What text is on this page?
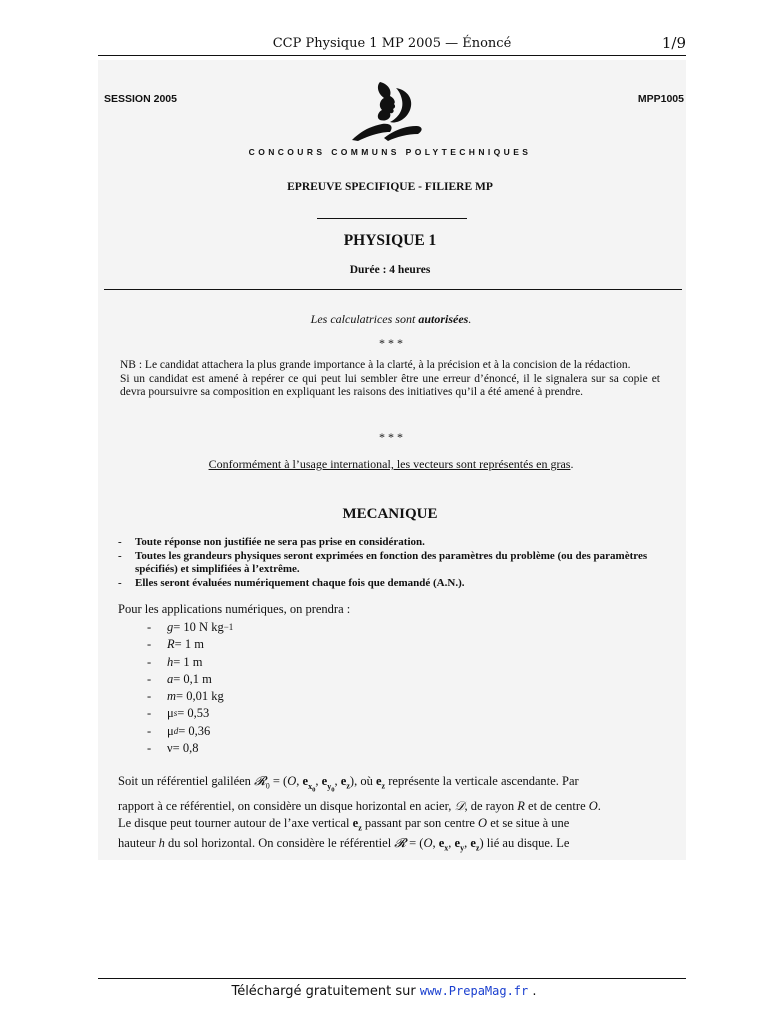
CCP Physique 1 MP 2005 — Énoncé	1/9
SESSION 2005	MPP1005
CONCOURS COMMUNS POLYTECHNIQUES
EPREUVE SPECIFIQUE - FILIERE MP
PHYSIQUE 1
Durée : 4 heures
Les calculatrices sont autorisées.
* * *

NB : Le candidat attachera la plus grande importance à la clarté, à la précision et à la concision de la rédaction.

Si un candidat est amené à repérer ce qui peut lui sembler être une erreur d’énoncé, il le signalera sur sa copie et devra poursuivre sa composition en expliquant les raisons des initiatives qu’il a été amené à prendre.

* * *
Conformément à l’usage international, les vecteurs sont représentés en gras.
MECANIQUE
-	Toute réponse non justifiée ne sera pas prise en considération.
-	Toutes les grandeurs physiques seront exprimées en fonction des paramètres du problème (ou des paramètres spécifiés) et simplifiées à l’extrême.
-	Elles seront évaluées numériquement chaque fois que demandé (A.N.).
Pour les applications numériques, on prendra :
-	g = 10 N kg −1
-	R = 1 m
-	h = 1 m
-	a = 0,1 m
-	m = 0,01 kg
-	μ s = 0,53
-	μ d = 0,36
-	ν = 0,8
Soit un référentiel galiléen 𝓡$_0$ = (O, $e_{x_0}$, $e_{y_0}$, $e_z$), où $e_z$ représente la verticale ascendante. Par
rapport à ce référentiel, on considère un disque horizontal en acier, 𝒟, de rayon R et de centre O.
Le disque peut tourner autour de l’axe vertical $e_z$ passant par son centre O et se situe à une
hauteur h du sol horizontal. On considère le référentiel 𝓡 = (O, $e_x$, $e_y$, $e_z$) lié au disque. Le
Téléchargé gratuitement sur www.PrepaMag.fr .
